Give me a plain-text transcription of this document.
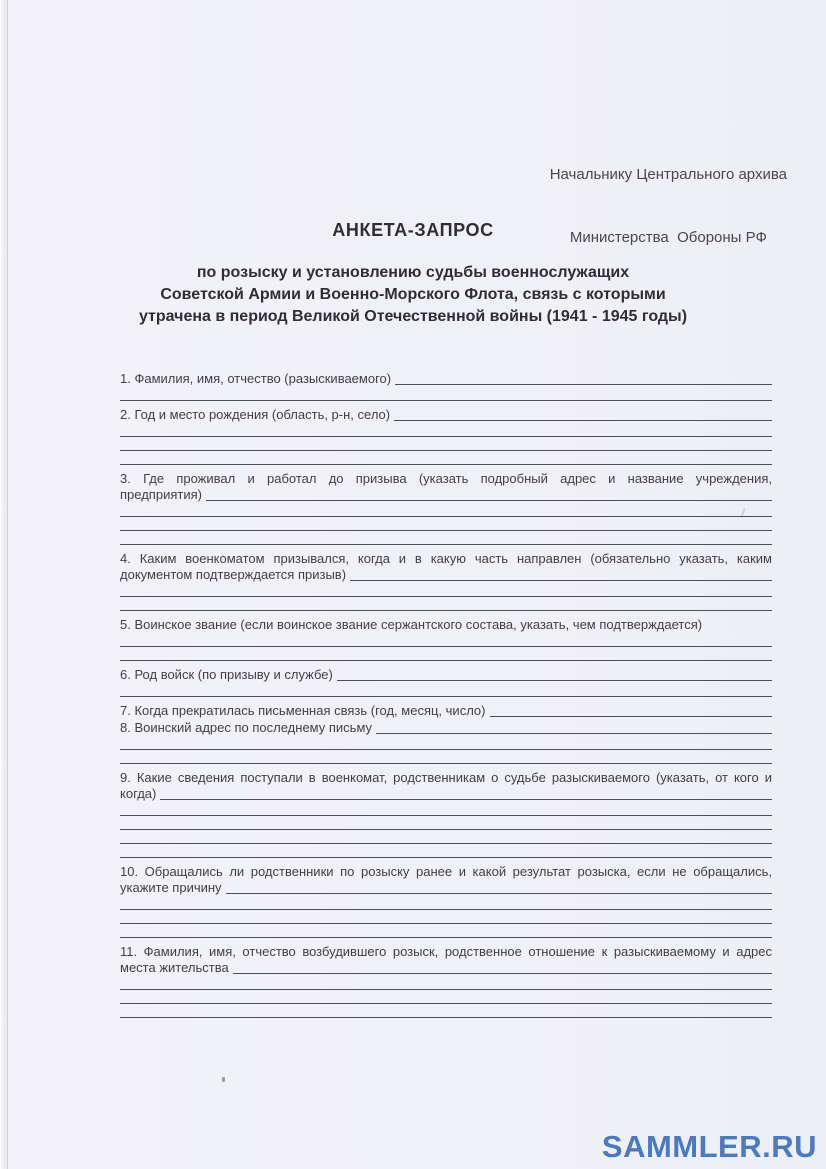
Начальнику Центрального архива

Министерства  Обороны РФ

АНКЕТА-ЗАПРОС
по розыску и установлению судьбы военнослужащих
Советской Армии и Военно-Морского Флота, связь с которыми
утрачена в период Великой Отечественной войны (1941 - 1945 годы)
1. Фамилия, имя, отчество (разыскиваемого)
2. Год и место рождения (область, р-н, село)
3. Где проживал и работал до призыва (указать подробный адрес и название учреждения,
предприятия)
4. Каким военкоматом призывался, когда и в какую часть направлен (обязательно указать, каким
документом подтверждается призыв)
5. Воинское звание (если воинское звание сержантского состава, указать, чем подтверждается)
6. Род войск (по призыву и службе)
7. Когда прекратилась письменная связь (год, месяц, число)
8. Воинский адрес по последнему письму
9. Какие сведения поступали в военкомат, родственникам о судьбе разыскиваемого (указать, от кого и
когда)
10. Обращались ли родственники по розыску ранее и какой результат розыска, если не обращались,
укажите причину
11. Фамилия, имя, отчество возбудившего розыск, родственное отношение к разыскиваемому и адрес
места жительства
SAMMLER.RU
